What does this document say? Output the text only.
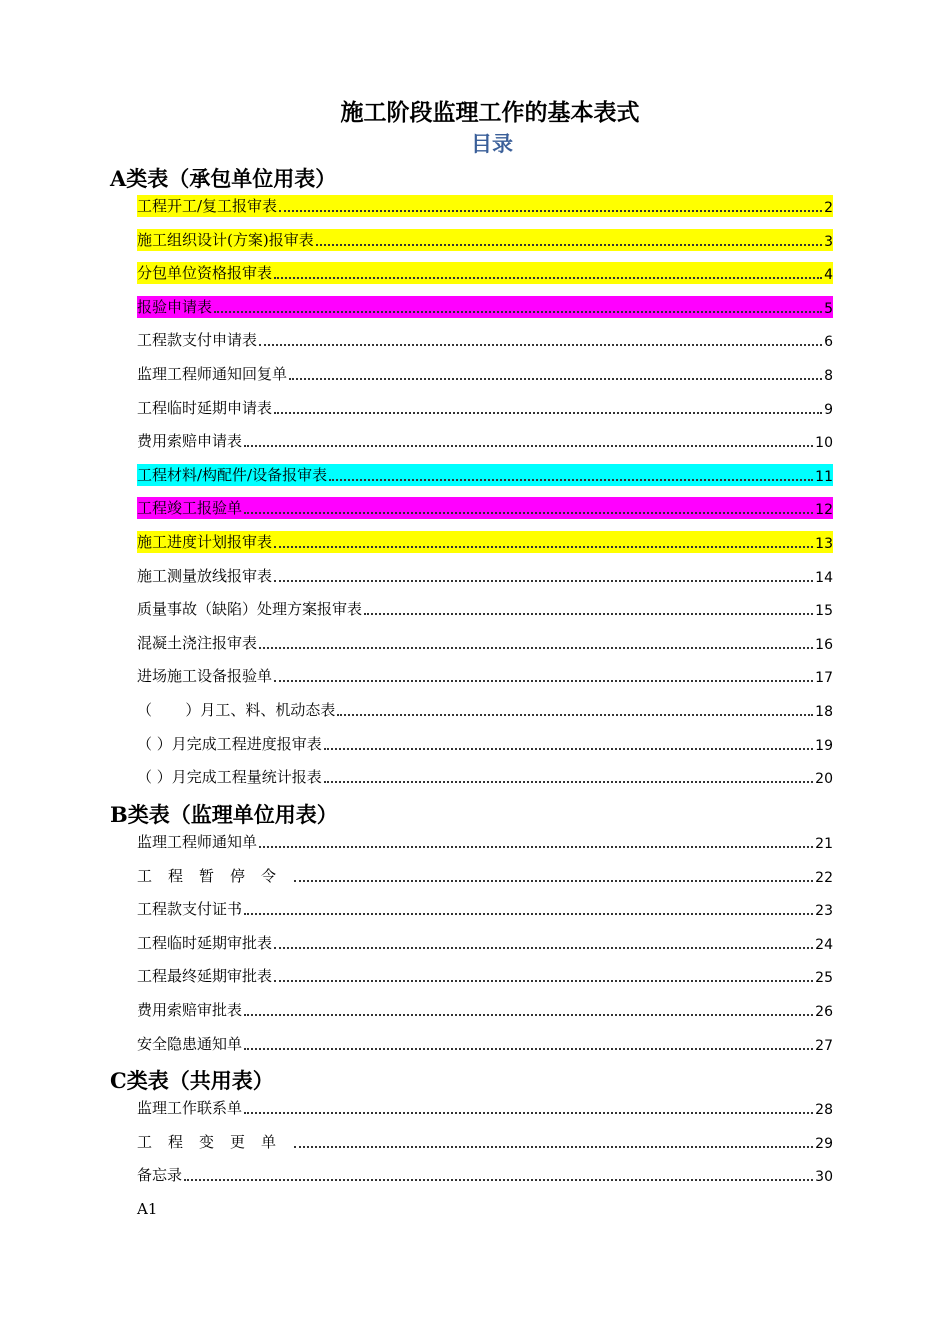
施工阶段监理工作的基本表式
目录
A类表（承包单位用表）
工程开工/复工报审表	2
施工组织设计(方案)报审表	3
分包单位资格报审表	4
报验申请表	5
工程款支付申请表	6
监理工程师通知回复单	8
工程临时延期申请表	9
费用索赔申请表	10
工程材料/构配件/设备报审表	11
工程竣工报验单	12
施工进度计划报审表	13
施工测量放线报审表	14
质量事故（缺陷）处理方案报审表	15
混凝土浇注报审表	16
进场施工设备报验单	17
（       ）月工、料、机动态表	18
（ ）月完成工程进度报审表	19
（ ）月完成工程量统计报表	20
B类表（监理单位用表）
监理工程师通知单	21
工程暂停令	22
工程款支付证书	23
工程临时延期审批表	24
工程最终延期审批表	25
费用索赔审批表	26
安全隐患通知单	27
C类表（共用表）
监理工作联系单	28
工程变更单	29
备忘录	30
A1
